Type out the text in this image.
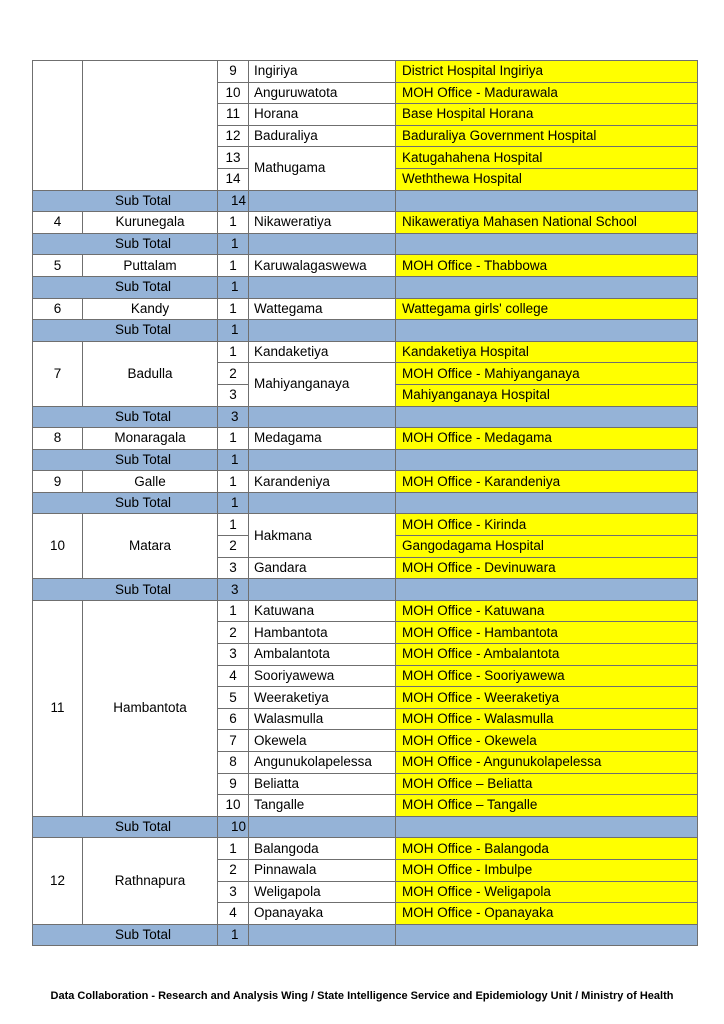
		9	Ingiriya	District Hospital Ingiriya
		10	Anguruwatota	MOH Office - Madurawala
		11	Horana	Base Hospital Horana
		12	Baduraliya	Baduraliya Government Hospital
		13	Mathugama	Katugahahena Hospital
		14		Weththewa Hospital
Sub Total		14		
4	Kurunegala	1	Nikaweratiya	Nikaweratiya Mahasen National School
Sub Total		1		
5	Puttalam	1	Karuwalagaswewa	MOH Office - Thabbowa
Sub Total		1		
6	Kandy	1	Wattegama	Wattegama girls' college
Sub Total		1		
7	Badulla	1	Kandaketiya	Kandaketiya Hospital
		2	Mahiyanganaya	MOH Office - Mahiyanganaya
		3		Mahiyanganaya Hospital
Sub Total		3		
8	Monaragala	1	Medagama	MOH Office - Medagama
Sub Total		1		
9	Galle	1	Karandeniya	MOH Office - Karandeniya
Sub Total		1		
10	Matara	1	Hakmana	MOH Office - Kirinda
		2		Gangodagama Hospital
		3	Gandara	MOH Office - Devinuwara
Sub Total		3		
11	Hambantota	1	Katuwana	MOH Office - Katuwana
		2	Hambantota	MOH Office - Hambantota
		3	Ambalantota	MOH Office - Ambalantota
		4	Sooriyawewa	MOH Office - Sooriyawewa
		5	Weeraketiya	MOH Office - Weeraketiya
		6	Walasmulla	MOH Office - Walasmulla
		7	Okewela	MOH Office - Okewela
		8	Angunukolapelessa	MOH Office - Angunukolapelessa
		9	Beliatta	MOH Office – Beliatta
		10	Tangalle	MOH Office – Tangalle
Sub Total		10		
12	Rathnapura	1	Balangoda	MOH Office - Balangoda
		2	Pinnawala	MOH Office - Imbulpe
		3	Weligapola	MOH Office - Weligapola
		4	Opanayaka	MOH Office - Opanayaka
Sub Total		1		
Data Collaboration - Research and Analysis Wing / State Intelligence Service and Epidemiology Unit / Ministry of Health
